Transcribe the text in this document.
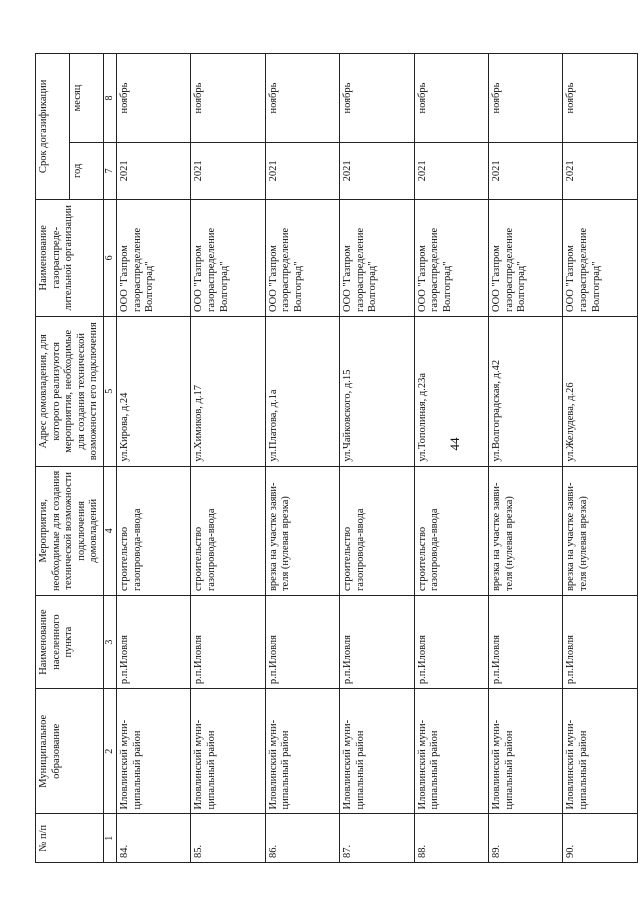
44
№ п/п	Муниципальное образование	Наименование населенного пункта	Мероприятия, необходимые для создания технической возможности подключения домовладений	Адрес домовладения, для которого реализуются мероприятия, необходимые для создания технической возможности его подключения	Наименование газораспреде-лительной организации	Срок догазификации	
						год	месяц
1	2	3	4	5	6	7	8
84.	Иловлинский муни-ципальный район	р.п.Иловля	строительство газопровода-ввода	ул.Кирова, д.24	ООО "Газпром газораспределение Волгоград"	2021	ноябрь
85.	Иловлинский муни-ципальный район	р.п.Иловля	строительство газопровода-ввода	ул.Химиков, д.17	ООО "Газпром газораспределение Волгоград"	2021	ноябрь
86.	Иловлинский муни-ципальный район	р.п.Иловля	врезка на участке заяви-теля (нулевая врезка)	ул.Платова, д.1а	ООО "Газпром газораспределение Волгоград"	2021	ноябрь
87.	Иловлинский муни-ципальный район	р.п.Иловля	строительство газопровода-ввода	ул.Чайковского, д.15	ООО "Газпром газораспределение Волгоград"	2021	ноябрь
88.	Иловлинский муни-ципальный район	р.п.Иловля	строительство газопровода-ввода	ул.Тополиная, д.23а	ООО "Газпром газораспределение Волгоград"	2021	ноябрь
89.	Иловлинский муни-ципальный район	р.п.Иловля	врезка на участке заяви-теля (нулевая врезка)	ул.Волгоградская, д.42	ООО "Газпром газораспределение Волгоград"	2021	ноябрь
90.	Иловлинский муни-ципальный район	р.п.Иловля	врезка на участке заяви-теля (нулевая врезка)	ул.Желудева, д.26	ООО "Газпром газораспределение Волгоград"	2021	ноябрь
